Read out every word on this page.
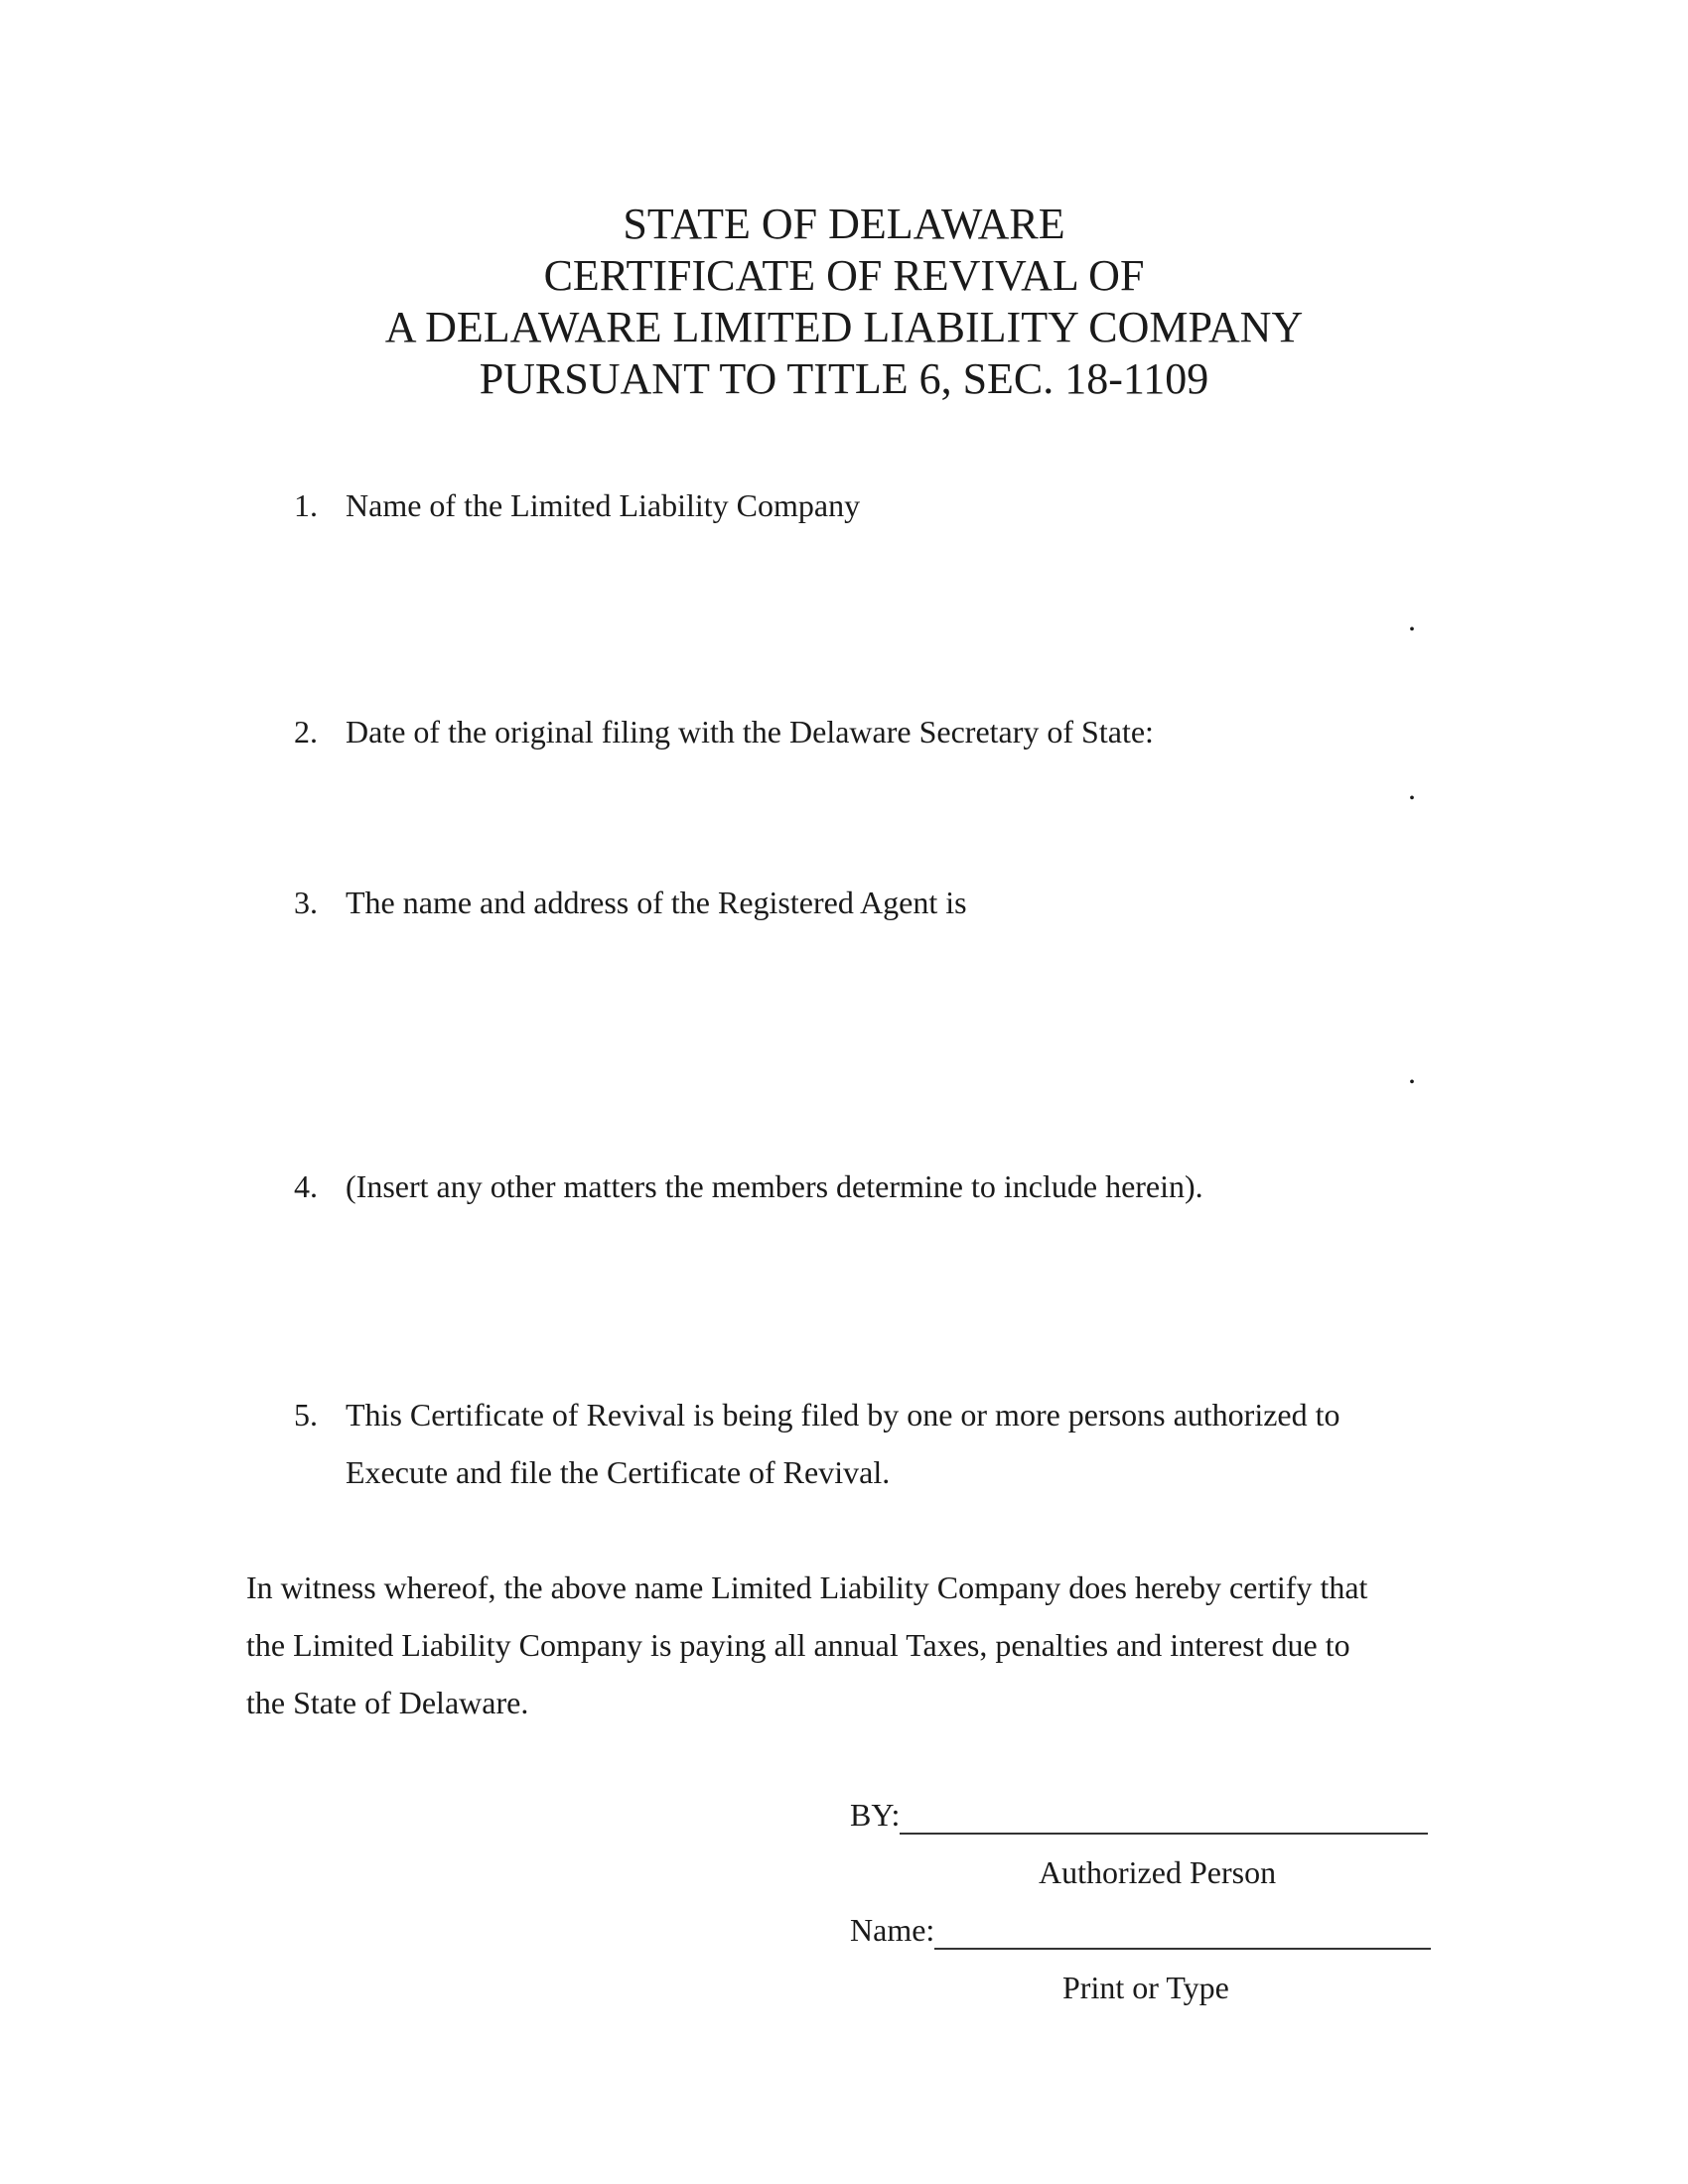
STATE OF DELAWARE
CERTIFICATE OF REVIVAL OF
A DELAWARE LIMITED LIABILITY COMPANY
PURSUANT TO TITLE 6, SEC. 18-1109
1. Name of the Limited Liability Company
.
2. Date of the original filing with the Delaware Secretary of State:
.
3. The name and address of the Registered Agent is
.
4. (Insert any other matters the members determine to include herein).
5. This Certificate of Revival is being filed by one or more persons authorized to
Execute and file the Certificate of Revival.
In witness whereof, the above name Limited Liability Company does hereby certify that
the Limited Liability Company is paying all annual Taxes, penalties and interest due to
the State of Delaware.
BY:
Authorized Person
Name:
Print or Type
